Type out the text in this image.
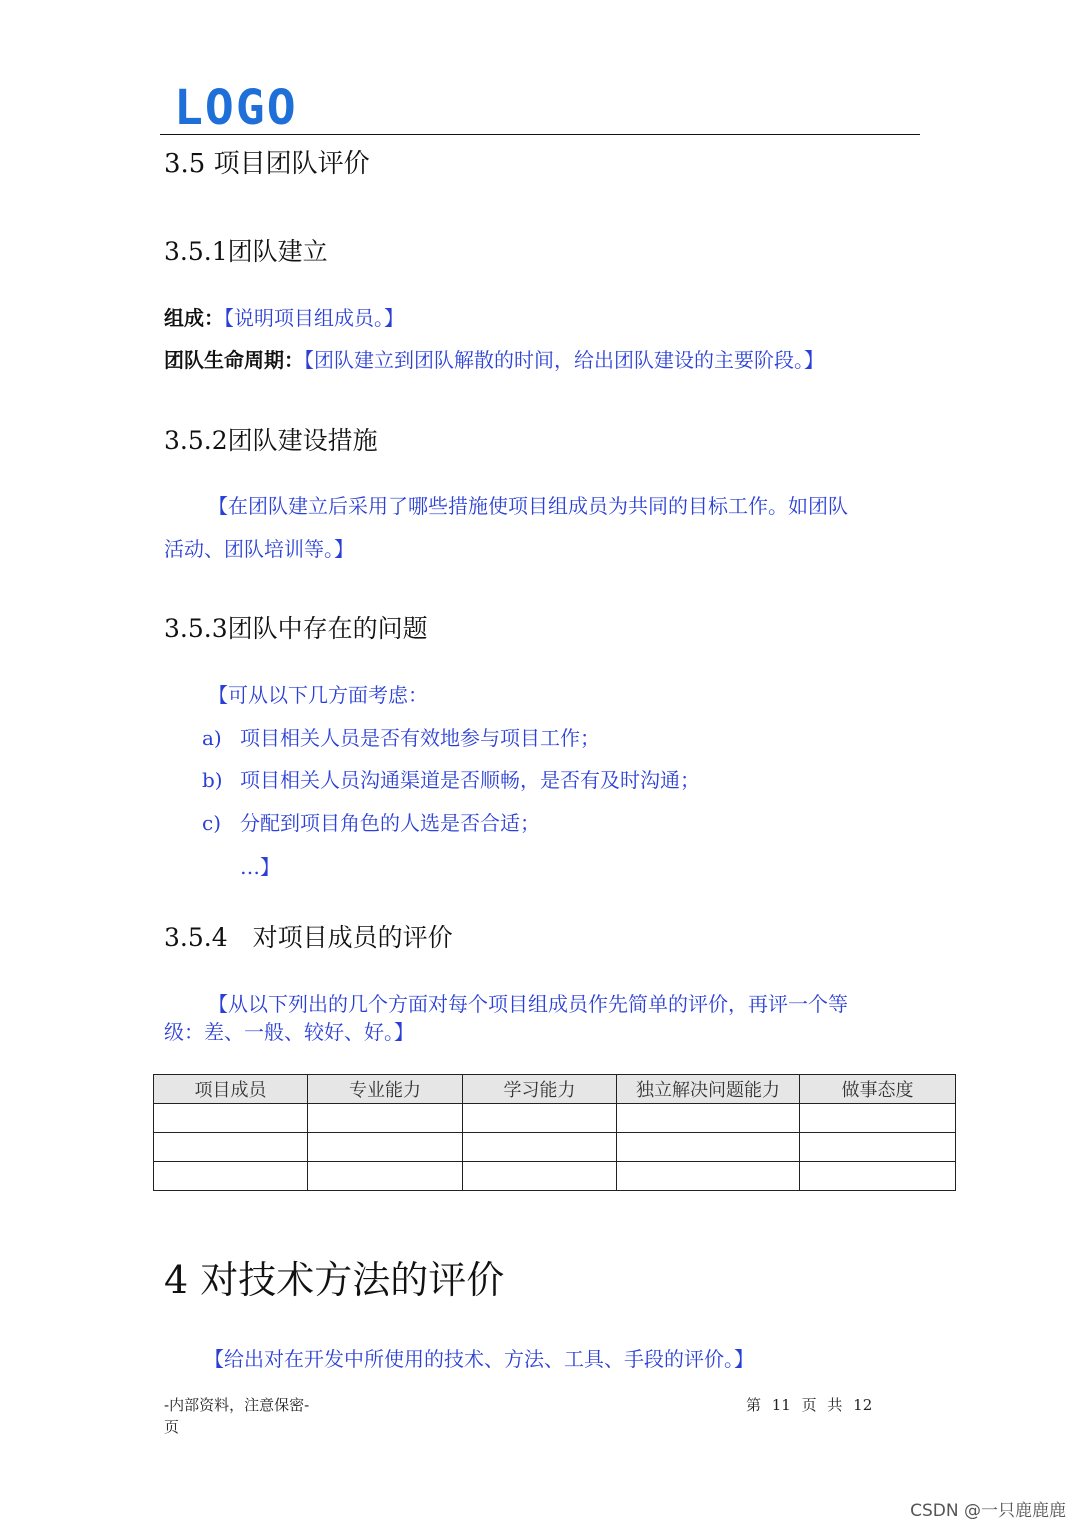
LOGO
3.5 项目团队评价
3.5.1团队建立
组成：【说明项目组成员。】
团队生命周期：【团队建立到团队解散的时间，给出团队建设的主要阶段。】
3.5.2团队建设措施
【在团队建立后采用了哪些措施使项目组成员为共同的目标工作。如团队
活动、团队培训等。】
3.5.3团队中存在的问题
【可从以下几方面考虑：
a) 项目相关人员是否有效地参与项目工作；
b) 项目相关人员沟通渠道是否顺畅，是否有及时沟通；
c) 分配到项目角色的人选是否合适；
…】
3.5.4　对项目成员的评价
【从以下列出的几个方面对每个项目组成员作先简单的评价，再评一个等
级：差、一般、较好、好。】
项目成员	专业能力	学习能力	独立解决问题能力	做事态度

4 对技术方法的评价
【给出对在开发中所使用的技术、方法、工具、手段的评价。】
-内部资料，注意保密-
页
第 11 页 共 12
CSDN @一只鹿鹿鹿
